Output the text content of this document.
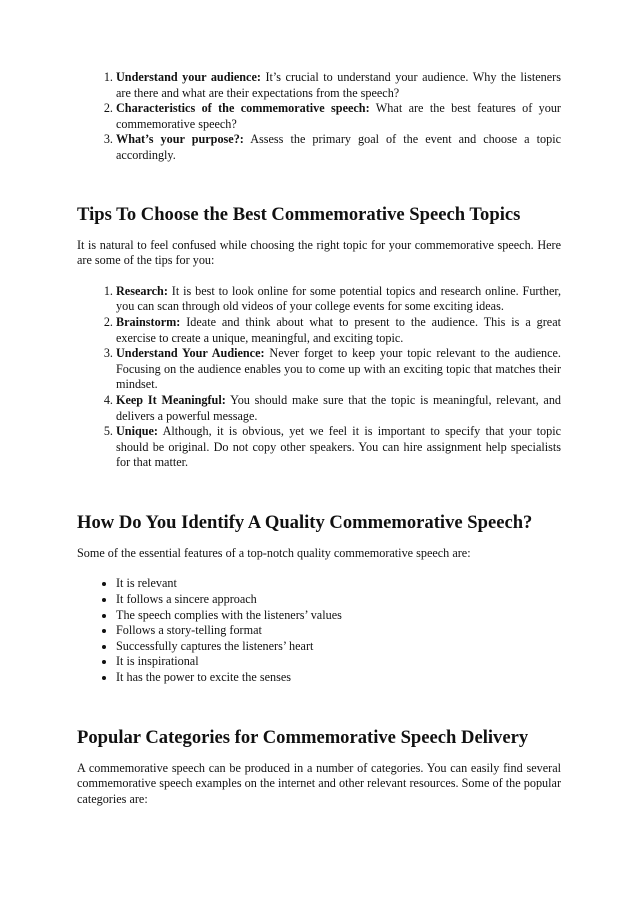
1. Understand your audience: It’s crucial to understand your audience. Why the listeners are there and what are their expectations from the speech?
2. Characteristics of the commemorative speech: What are the best features of your commemorative speech?
3. What’s your purpose?: Assess the primary goal of the event and choose a topic accordingly.
Tips To Choose the Best Commemorative Speech Topics

It is natural to feel confused while choosing the right topic for your commemorative speech. Here are some of the tips for you:

1. Research: It is best to look online for some potential topics and research online. Further, you can scan through old videos of your college events for some exciting ideas.
2. Brainstorm: Ideate and think about what to present to the audience. This is a great exercise to create a unique, meaningful, and exciting topic.
3. Understand Your Audience: Never forget to keep your topic relevant to the audience. Focusing on the audience enables you to come up with an exciting topic that matches their mindset.
4. Keep It Meaningful: You should make sure that the topic is meaningful, relevant, and delivers a powerful message.
5. Unique: Although, it is obvious, yet we feel it is important to specify that your topic should be original. Do not copy other speakers. You can hire assignment help specialists for that matter.
How Do You Identify A Quality Commemorative Speech?

Some of the essential features of a top-notch quality commemorative speech are:

• It is relevant
• It follows a sincere approach
• The speech complies with the listeners’ values
• Follows a story-telling format
• Successfully captures the listeners’ heart
• It is inspirational
• It has the power to excite the senses
Popular Categories for Commemorative Speech Delivery

A commemorative speech can be produced in a number of categories. You can easily find several commemorative speech examples on the internet and other relevant resources. Some of the popular categories are:
